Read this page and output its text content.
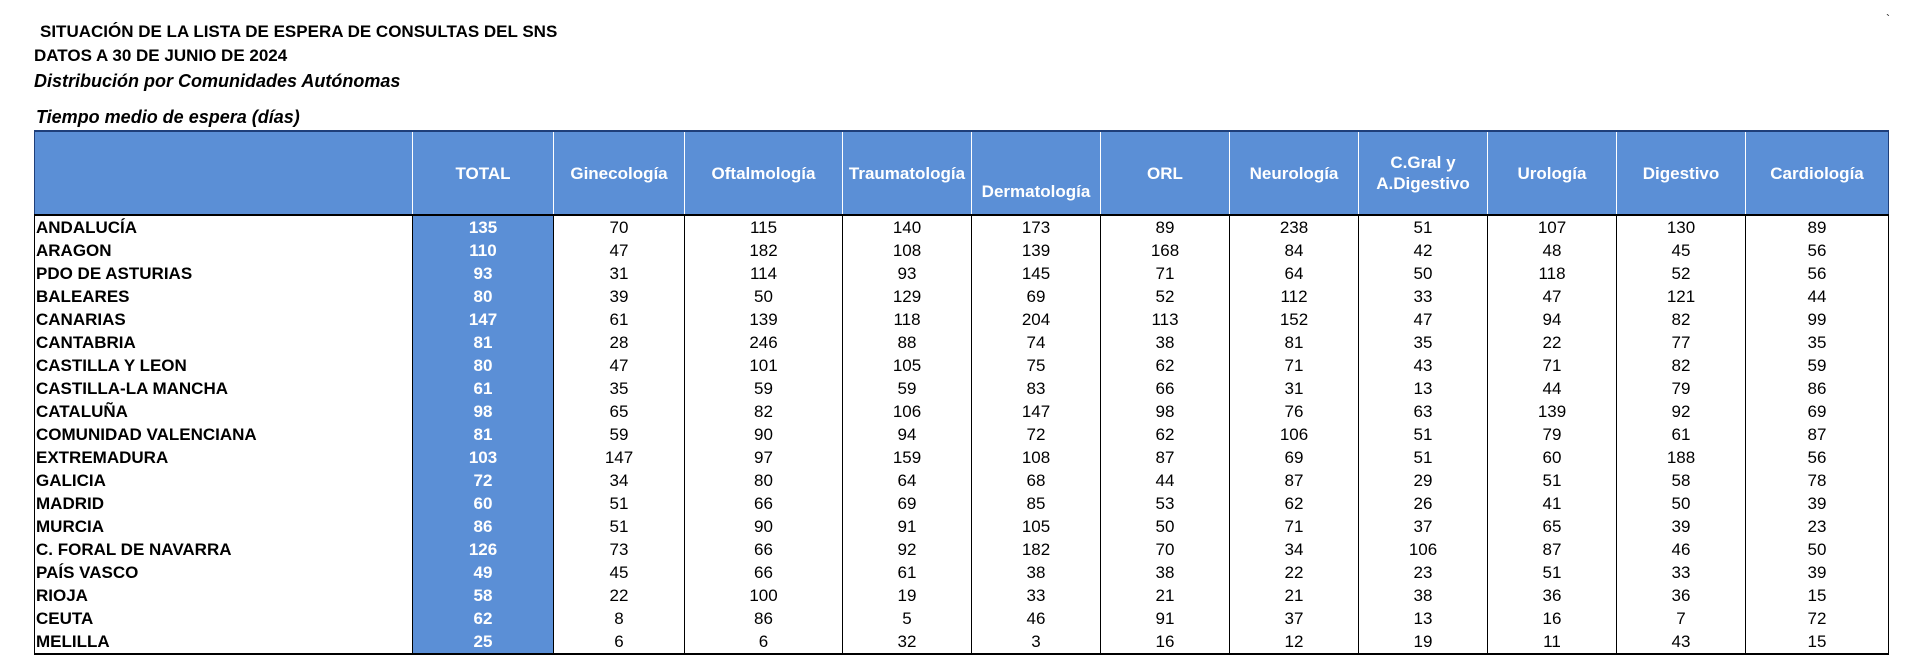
SITUACIÓN DE LA LISTA DE ESPERA DE CONSULTAS DEL SNS
DATOS A 30 DE JUNIO DE 2024
Distribución por Comunidades Autónomas
Tiempo medio de espera (días)
`
	TOTAL	Ginecología	Oftalmología	Traumatología	Dermatología	ORL	Neurología	C.Gral y A.Digestivo	Urología	Digestivo	Cardiología
ANDALUCÍA	135	70	115	140	173	89	238	51	107	130	89
ARAGON	110	47	182	108	139	168	84	42	48	45	56
PDO DE ASTURIAS	93	31	114	93	145	71	64	50	118	52	56
BALEARES	80	39	50	129	69	52	112	33	47	121	44
CANARIAS	147	61	139	118	204	113	152	47	94	82	99
CANTABRIA	81	28	246	88	74	38	81	35	22	77	35
CASTILLA Y LEON	80	47	101	105	75	62	71	43	71	82	59
CASTILLA-LA MANCHA	61	35	59	59	83	66	31	13	44	79	86
CATALUÑA	98	65	82	106	147	98	76	63	139	92	69
COMUNIDAD VALENCIANA	81	59	90	94	72	62	106	51	79	61	87
EXTREMADURA	103	147	97	159	108	87	69	51	60	188	56
GALICIA	72	34	80	64	68	44	87	29	51	58	78
MADRID	60	51	66	69	85	53	62	26	41	50	39
MURCIA	86	51	90	91	105	50	71	37	65	39	23
C. FORAL DE NAVARRA	126	73	66	92	182	70	34	106	87	46	50
PAÍS VASCO	49	45	66	61	38	38	22	23	51	33	39
RIOJA	58	22	100	19	33	21	21	38	36	36	15
CEUTA	62	8	86	5	46	91	37	13	16	7	72
MELILLA	25	6	6	32	3	16	12	19	11	43	15
